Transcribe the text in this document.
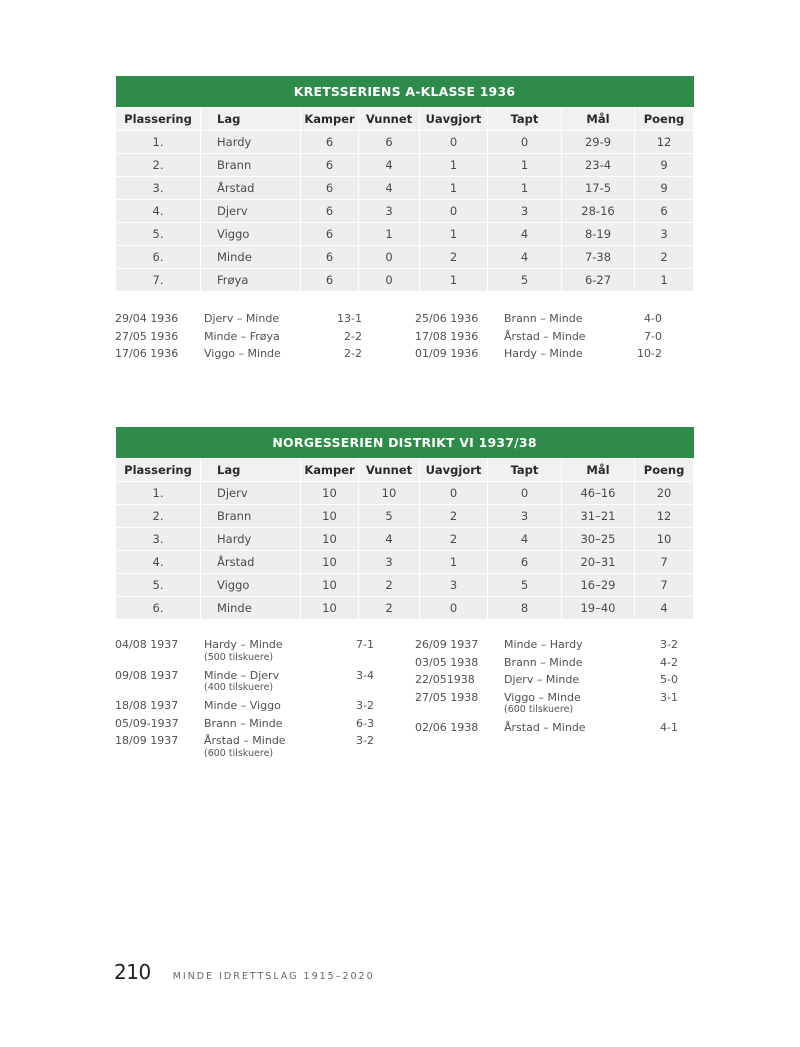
KRETSSERIENS A-KLASSE 1936							
Plassering	Lag	Kamper	Vunnet	Uavgjort	Tapt	Mål	Poeng
1.	Hardy	6	6	0	0	29-9	12
2.	Brann	6	4	1	1	23-4	9
3.	Årstad	6	4	1	1	17-5	9
4.	Djerv	6	3	0	3	28-16	6
5.	Viggo	6	1	1	4	8-19	3
6.	Minde	6	0	2	4	7-38	2
7.	Frøya	6	0	1	5	6-27	1
29/04 1936	Djerv – Minde	13-1
27/05 1936	Minde – Frøya	2-2
17/06 1936	Viggo – Minde	2-2
25/06 1936	Brann – Minde	4-0
17/08 1936	Årstad – Minde	7-0
01/09 1936	Hardy – Minde	10-2
NORGESSERIEN DISTRIKT VI 1937/38							
Plassering	Lag	Kamper	Vunnet	Uavgjort	Tapt	Mål	Poeng
1.	Djerv	10	10	0	0	46–16	20
2.	Brann	10	5	2	3	31–21	12
3.	Hardy	10	4	2	4	30–25	10
4.	Årstad	10	3	1	6	20–31	7
5.	Viggo	10	2	3	5	16–29	7
6.	Minde	10	2	0	8	19–40	4
04/08 1937	Hardy – Minde	7-1
(500 tilskuere)
09/08 1937	Minde – Djerv	3-4
(400 tilskuere)
18/08 1937	Minde – Viggo	3-2
05/09-1937	Brann – Minde	6-3
18/09 1937	Årstad – Minde	3-2
(600 tilskuere)
26/09 1937	Minde – Hardy	3-2
03/05 1938	Brann – Minde	4-2
22/051938	Djerv – Minde	5-0
27/05 1938	Viggo – Minde	3-1
(600 tilskuere)
02/06 1938	Årstad – Minde	4-1
210 MINDE IDRETTSLAG 1915–2020
